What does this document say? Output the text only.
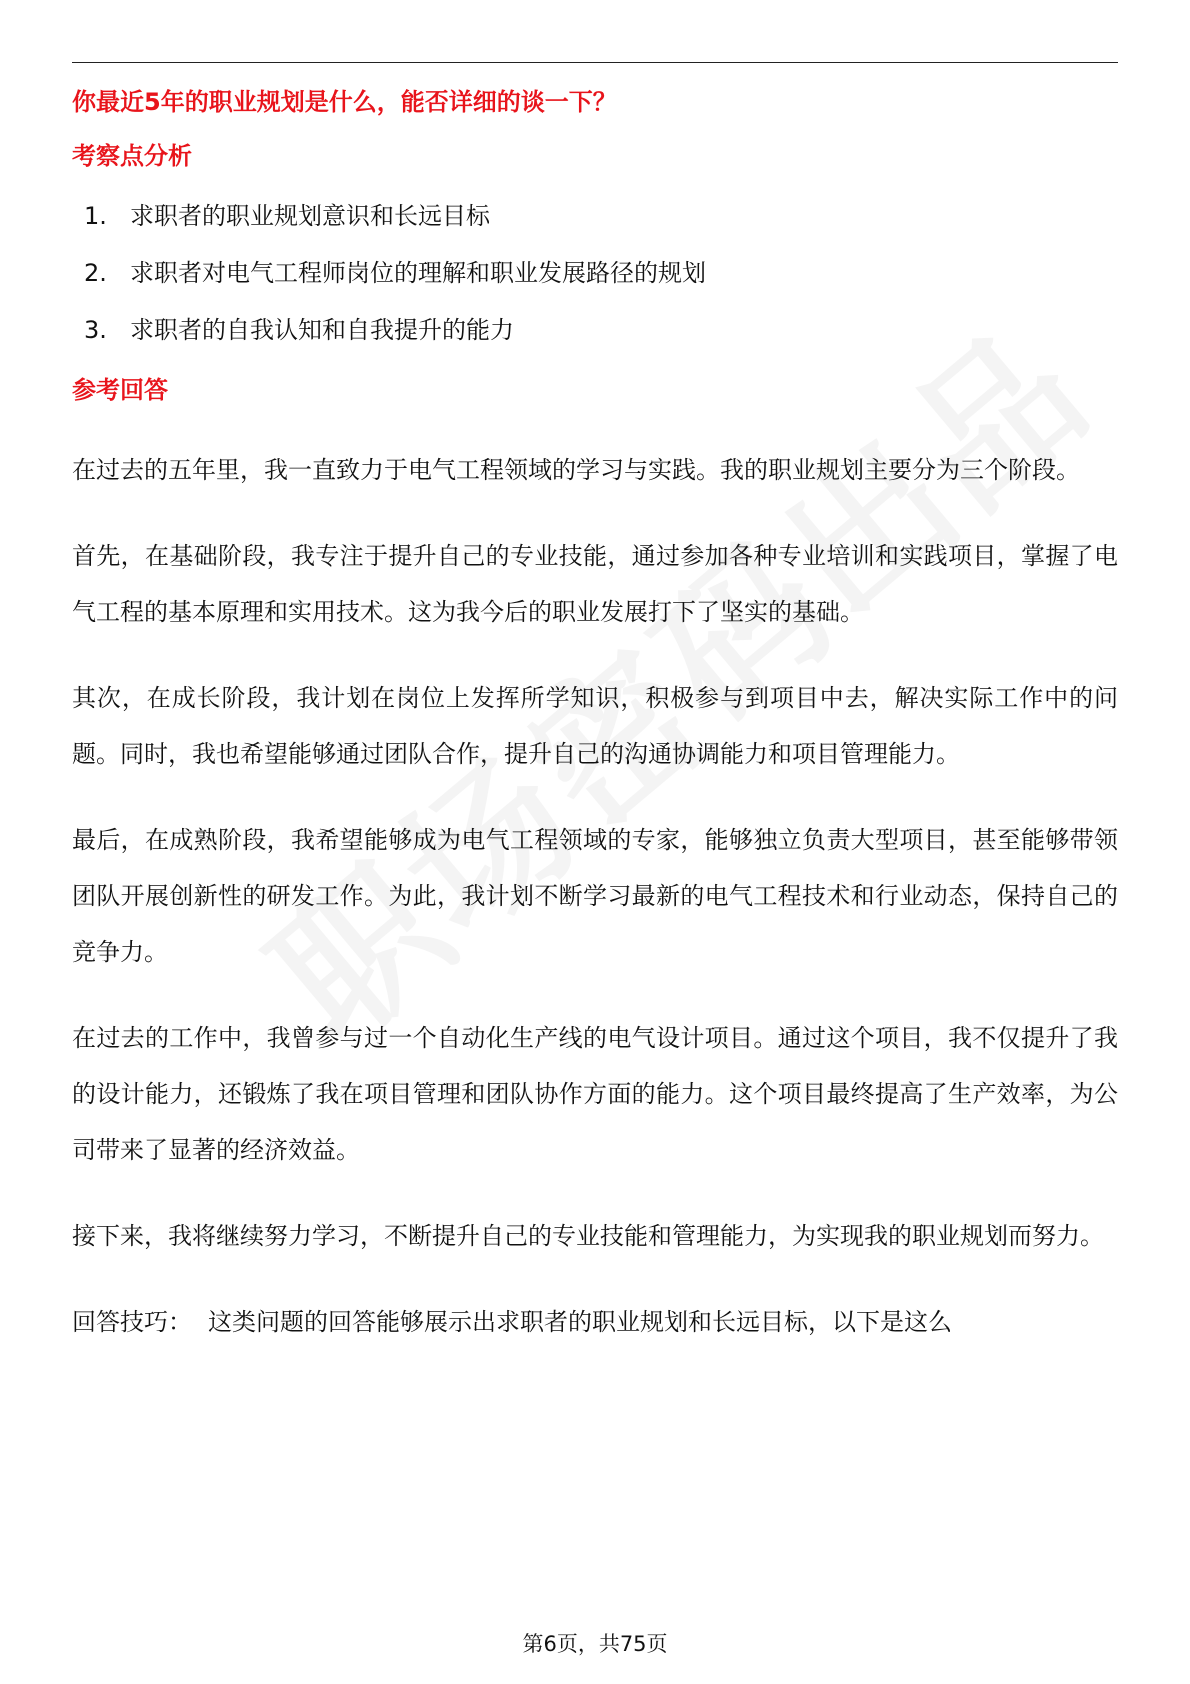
你最近5年的职业规划是什么，能否详细的谈一下？
考察点分析
1. 求职者的职业规划意识和长远目标
2. 求职者对电气工程师岗位的理解和职业发展路径的规划
3. 求职者的自我认知和自我提升的能力
参考回答

在过去的五年里，我一直致力于电气工程领域的学习与实践。我的职业规划主要分为三个阶段。

首先，在基础阶段，我专注于提升自己的专业技能，通过参加各种专业培训和实践项目，掌握了电气工程的基本原理和实用技术。这为我今后的职业发展打下了坚实的基础。

其次，在成长阶段，我计划在岗位上发挥所学知识，积极参与到项目中去，解决实际工作中的问题。同时，我也希望能够通过团队合作，提升自己的沟通协调能力和项目管理能力。

最后，在成熟阶段，我希望能够成为电气工程领域的专家，能够独立负责大型项目，甚至能够带领团队开展创新性的研发工作。为此，我计划不断学习最新的电气工程技术和行业动态，保持自己的竞争力。

在过去的工作中，我曾参与过一个自动化生产线的电气设计项目。通过这个项目，我不仅提升了我的设计能力，还锻炼了我在项目管理和团队协作方面的能力。这个项目最终提高了生产效率，为公司带来了显著的经济效益。

接下来，我将继续努力学习，不断提升自己的专业技能和管理能力，为实现我的职业规划而努力。

回答技巧： 这类问题的回答能够展示出求职者的职业规划和长远目标，以下是这么

第6页，共75页
